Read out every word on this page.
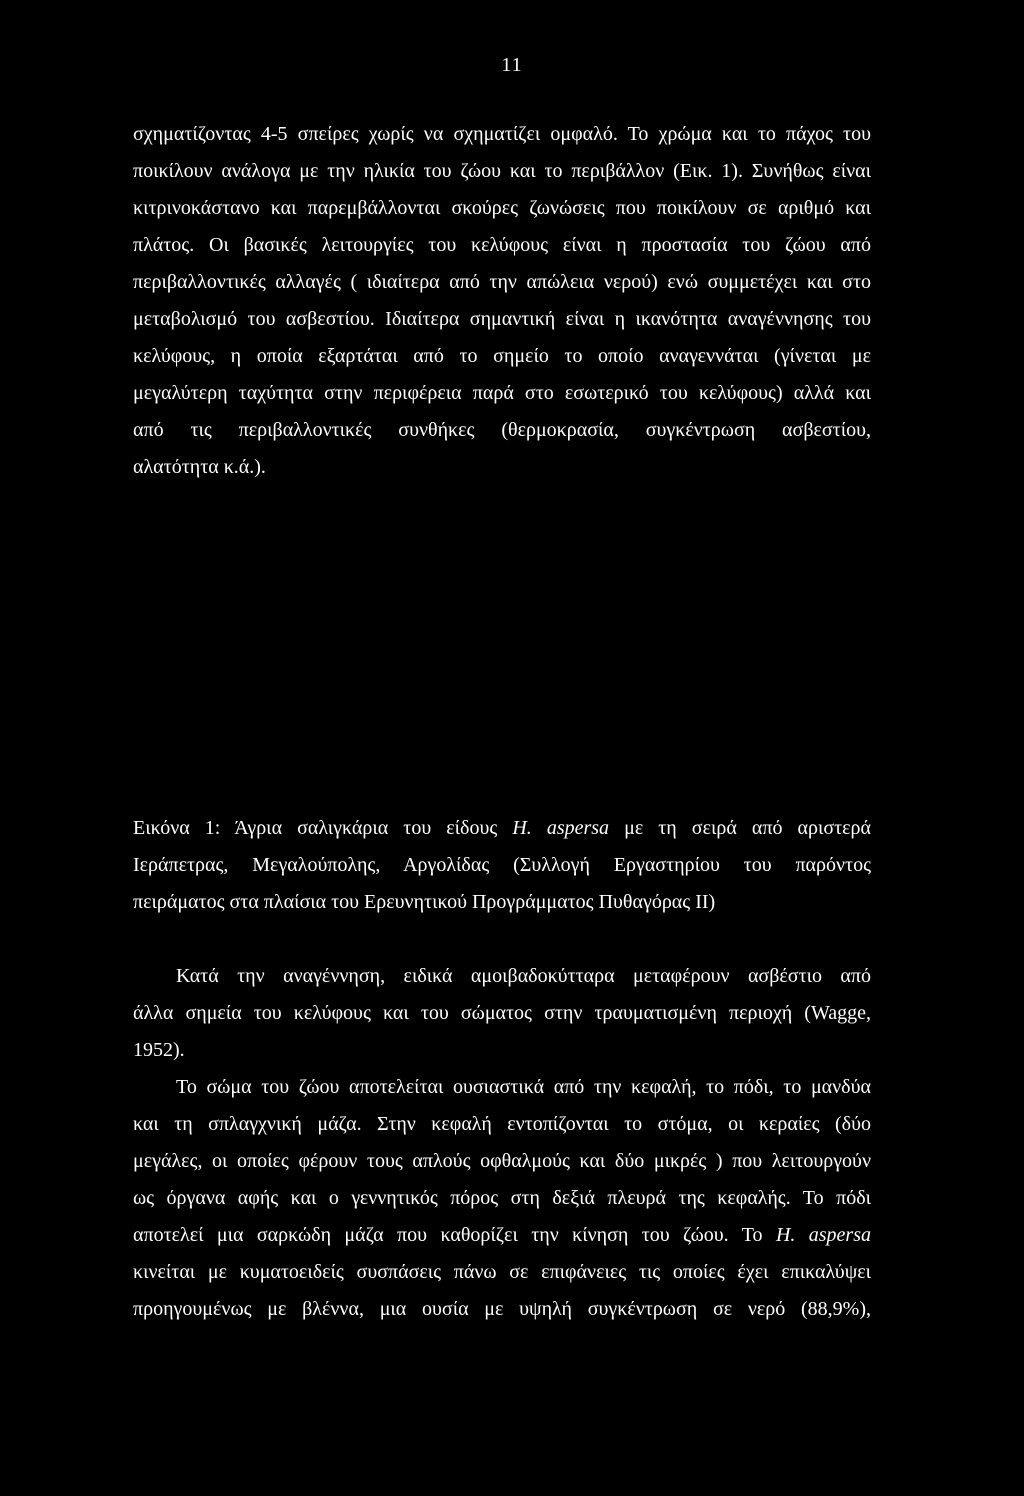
11
σχηματίζοντας 4-5 σπείρες χωρίς να σχηματίζει ομφαλό. Το χρώμα και το πάχος του
ποικίλουν ανάλογα με την ηλικία του ζώου και το περιβάλλον (Εικ. 1). Συνήθως είναι
κιτρινοκάστανο και παρεμβάλλονται σκούρες ζωνώσεις που ποικίλουν σε αριθμό και
πλάτος. Οι βασικές λειτουργίες του κελύφους είναι η προστασία του ζώου από
περιβαλλοντικές αλλαγές ( ιδιαίτερα από την απώλεια νερού) ενώ συμμετέχει και στο
μεταβολισμό του ασβεστίου. Ιδιαίτερα σημαντική είναι η ικανότητα αναγέννησης του
κελύφους, η οποία εξαρτάται από το σημείο το οποίο αναγεννάται (γίνεται με
μεγαλύτερη ταχύτητα στην περιφέρεια παρά στο εσωτερικό του κελύφους) αλλά και
από τις περιβαλλοντικές συνθήκες (θερμοκρασία, συγκέντρωση ασβεστίου,
αλατότητα κ.ά.).
Εικόνα 1: Άγρια σαλιγκάρια του είδους H. aspersa με τη σειρά από αριστερά
Ιεράπετρας, Μεγαλούπολης, Αργολίδας (Συλλογή Εργαστηρίου του παρόντος
πειράματος στα πλαίσια του Ερευνητικού Προγράμματος Πυθαγόρας ΙΙ)
Κατά την αναγέννηση, ειδικά αμοιβαδοκύτταρα μεταφέρουν ασβέστιο από
άλλα σημεία του κελύφους και του σώματος στην τραυματισμένη περιοχή (Wagge,
1952).
Το σώμα του ζώου αποτελείται ουσιαστικά από την κεφαλή, το πόδι, το μανδύα
και τη σπλαγχνική μάζα. Στην κεφαλή εντοπίζονται το στόμα, οι κεραίες (δύο
μεγάλες, οι οποίες φέρουν τους απλούς οφθαλμούς και δύο μικρές ) που λειτουργούν
ως όργανα αφής και ο γεννητικός πόρος στη δεξιά πλευρά της κεφαλής. Το πόδι
αποτελεί μια σαρκώδη μάζα που καθορίζει την κίνηση του ζώου. Το H. aspersa
κινείται με κυματοειδείς συσπάσεις πάνω σε επιφάνειες τις οποίες έχει επικαλύψει
προηγουμένως με βλέννα, μια ουσία με υψηλή συγκέντρωση σε νερό (88,9%),
